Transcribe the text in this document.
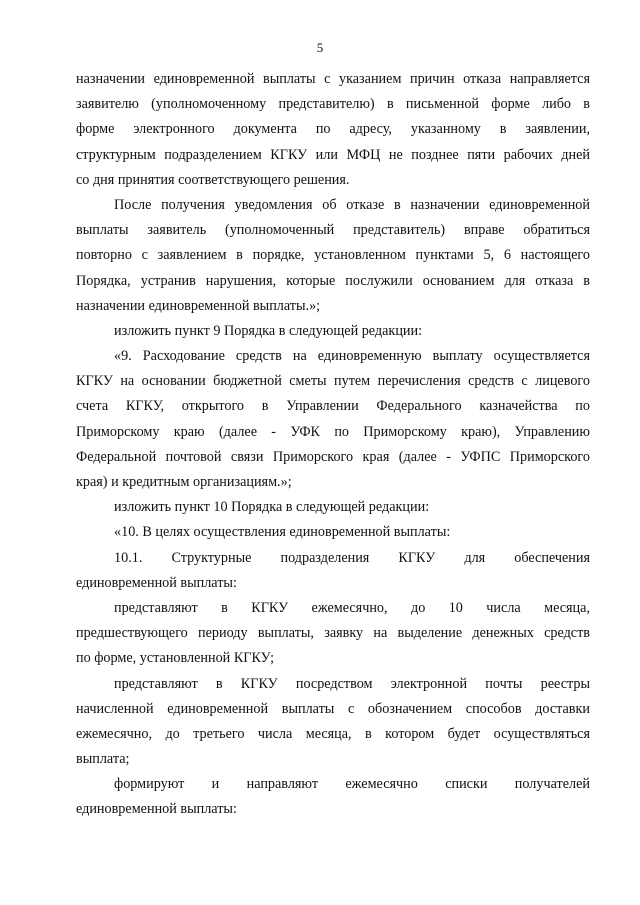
5
назначении единовременной выплаты с указанием причин отказа направляется
заявителю (уполномоченному представителю) в письменной форме либо в
форме электронного документа по адресу, указанному в заявлении,
структурным подразделением КГКУ или МФЦ не позднее пяти рабочих дней
со дня принятия соответствующего решения.
После получения уведомления об отказе в назначении единовременной
выплаты заявитель (уполномоченный представитель) вправе обратиться
повторно с заявлением в порядке, установленном пунктами 5, 6 настоящего
Порядка, устранив нарушения, которые послужили основанием для отказа в
назначении единовременной выплаты.»;
изложить пункт 9 Порядка в следующей редакции:
«9. Расходование средств на единовременную выплату осуществляется
КГКУ на основании бюджетной сметы путем перечисления средств с лицевого
счета КГКУ, открытого в Управлении Федерального казначейства по
Приморскому краю (далее - УФК по Приморскому краю), Управлению
Федеральной почтовой связи Приморского края (далее - УФПС Приморского
края) и кредитным организациям.»;
изложить пункт 10 Порядка в следующей редакции:
«10. В целях осуществления единовременной выплаты:
10.1. Структурные подразделения КГКУ для обеспечения
единовременной выплаты:
представляют в КГКУ ежемесячно, до 10 числа месяца,
предшествующего периоду выплаты, заявку на выделение денежных средств
по форме, установленной КГКУ;
представляют в КГКУ посредством электронной почты реестры
начисленной единовременной выплаты с обозначением способов доставки
ежемесячно, до третьего числа месяца, в котором будет осуществляться
выплата;
формируют и направляют ежемесячно списки получателей
единовременной выплаты:
